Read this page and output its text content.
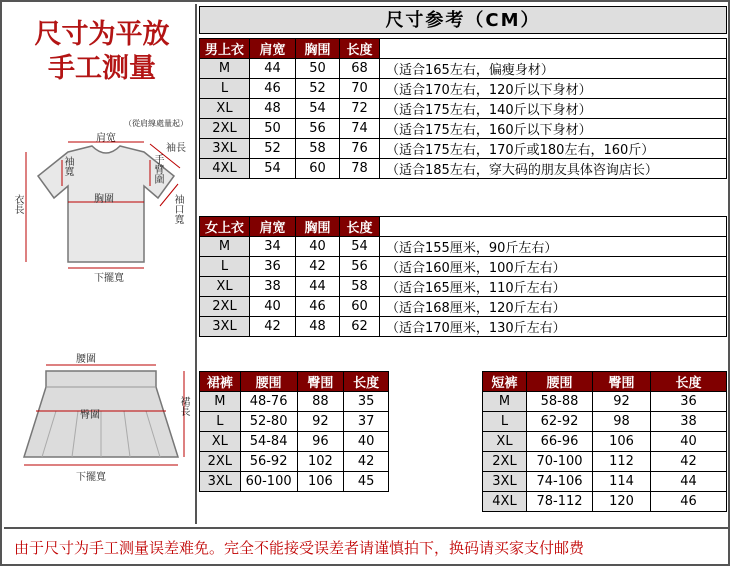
尺寸为平放
手工测量
肩宽
（從肩線處量起）
袖長
袖寬	手臂圍
胸圍
衣長	袖口寬
下擺寬
腰圍
臀圍	裙長
下擺寬
尺寸参考（CM）
男上衣	肩宽	胸围	长度	（适合身材只建议，不做退换理由）
M	44	50	68	（适合165左右，偏瘦身材）
L	46	52	70	（适合170左右，120斤以下身材）
XL	48	54	72	（适合175左右，140斤以下身材）
2XL	50	56	74	（适合175左右，160斤以下身材）
3XL	52	58	76	（适合175左右，170斤或180左右，160斤）
4XL	54	60	78	（适合185左右，穿大码的朋友具体咨询店长）
女上衣	肩宽	胸围	长度	（可参考下面选择对应码数，决定权在你手上）
M	34	40	54	（适合155厘米，90斤左右）
L	36	42	56	（适合160厘米，100斤左右）
XL	38	44	58	（适合165厘米，110斤左右）
2XL	40	46	60	（适合168厘米，120斤左右）
3XL	42	48	62	（适合170厘米，130斤左右）
裙裤	腰围	臀围	长度
M	48-76	88	35
L	52-80	92	37
XL	54-84	96	40
2XL	56-92	102	42
3XL	60-100	106	45
短裤	腰围	臀围	长度
M	58-88	92	36
L	62-92	98	38
XL	66-96	106	40
2XL	70-100	112	42
3XL	74-106	114	44
4XL	78-112	120	46
由于尺寸为手工测量误差难免。完全不能接受误差者请谨慎拍下，换码请买家支付邮费
